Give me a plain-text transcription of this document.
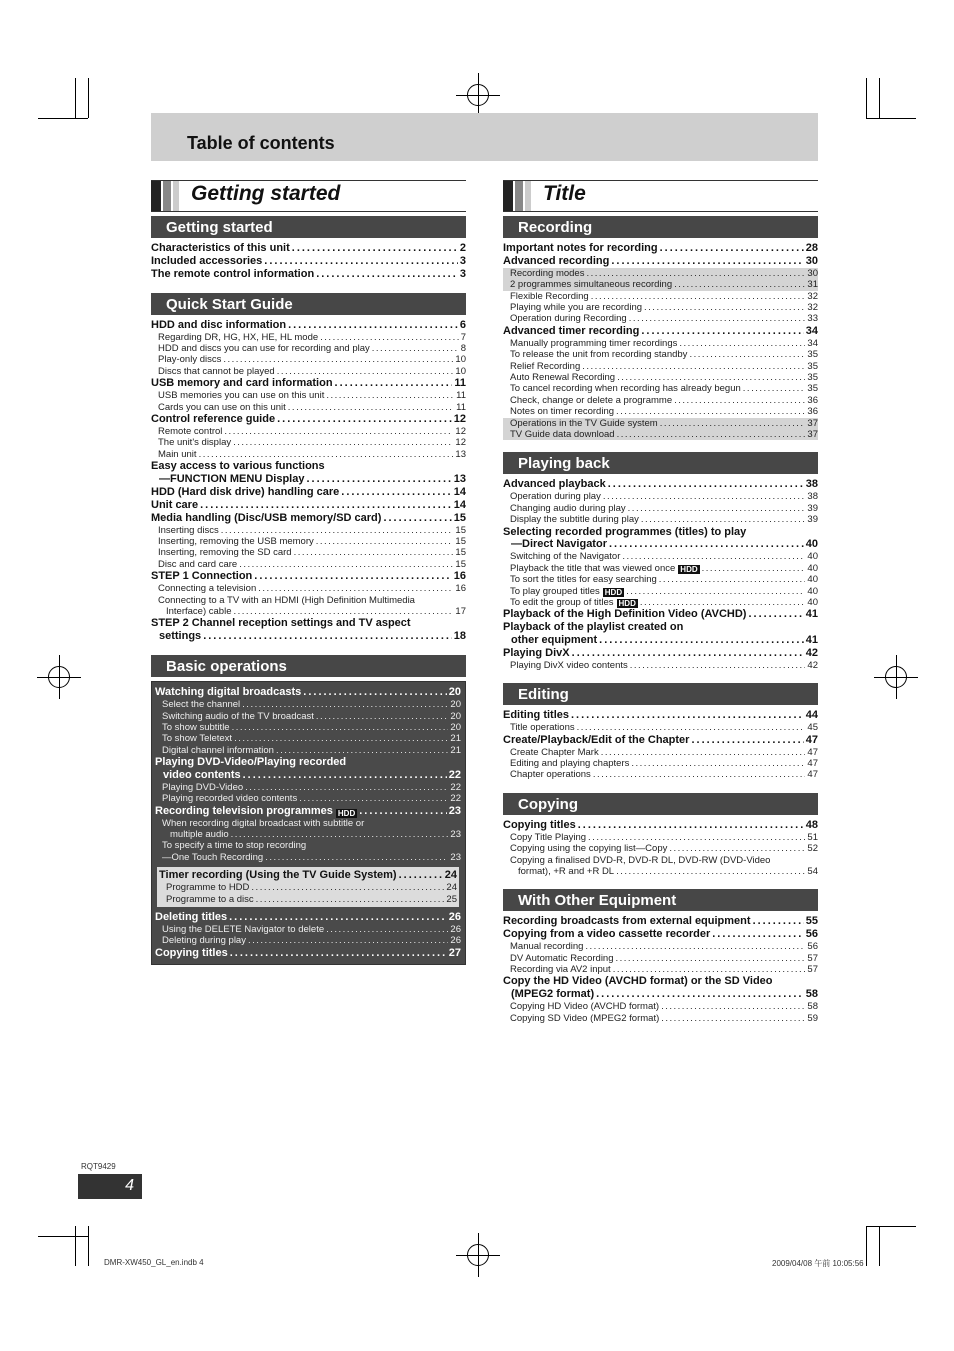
Table of contents
Getting started
Getting started
Characteristics of this unit .....	2
Included accessories .....	3
The remote control information .....	3
Quick Start Guide
HDD and disc information .....	6
Regarding DR, HG, HX, HE, HL mode .....	7
HDD and discs you can use for recording and play .....	8
Play-only discs .....	10
Discs that cannot be played .....	10
USB memory and card information .....	11
USB memories you can use on this unit .....	11
Cards you can use on this unit .....	11
Control reference guide .....	12
Remote control .....	12
The unit's display .....	12
Main unit .....	13
Easy access to various functions
—FUNCTION MENU Display .....	13
HDD (Hard disk drive) handling care .....	14
Unit care .....	14
Media handling (Disc/USB memory/SD card) .....	15
Inserting discs .....	15
Inserting, removing the USB memory .....	15
Inserting, removing the SD card .....	15
Disc and card care .....	15
STEP 1 Connection .....	16
Connecting a television .....	16
Connecting to a TV with an HDMI (High Definition Multimedia
Interface) cable .....	17
STEP 2 Channel reception settings and TV aspect
settings .....	18
Basic operations
Watching digital broadcasts .....	20
Select the channel .....	20
Switching audio of the TV broadcast .....	20
To show subtitle .....	20
To show Teletext .....	21
Digital channel information .....	21
Playing DVD-Video/Playing recorded
video contents .....	22
Playing DVD-Video .....	22
Playing recorded video contents .....	22
Recording television programmes HDD .....	23
When recording digital broadcast with subtitle or
multiple audio .....	23
To specify a time to stop recording
—One Touch Recording .....	23
Timer recording (Using the TV Guide System) .....	24
Programme to HDD .....	24
Programme to a disc .....	25
Deleting titles .....	26
Using the DELETE Navigator to delete .....	26
Deleting during play .....	26
Copying titles .....	27
Title
Recording
Important notes for recording .....	28
Advanced recording .....	30
Recording modes .....	30
2 programmes simultaneous recording .....	31
Flexible Recording .....	32
Playing while you are recording .....	32
Operation during Recording .....	33
Advanced timer recording .....	34
Manually programming timer recordings .....	34
To release the unit from recording standby .....	35
Relief Recording .....	35
Auto Renewal Recording .....	35
To cancel recording when recording has already begun .....	35
Check, change or delete a programme .....	36
Notes on timer recording .....	36
Operations in the TV Guide system .....	37
TV Guide data download .....	37
Playing back
Advanced playback .....	38
Operation during play .....	38
Changing audio during play .....	39
Display the subtitle during play .....	39
Selecting recorded programmes (titles) to play
—Direct Navigator .....	40
Switching of the Navigator .....	40
Playback the title that was viewed once HDD .....	40
To sort the titles for easy searching .....	40
To play grouped titles HDD .....	40
To edit the group of titles HDD .....	40
Playback of the High Definition Video (AVCHD) .....	41
Playback of the playlist created on
other equipment .....	41
Playing DivX .....	42
Playing DivX video contents .....	42
Editing
Editing titles .....	44
Title operations .....	45
Create/Playback/Edit of the Chapter .....	47
Create Chapter Mark .....	47
Editing and playing chapters .....	47
Chapter operations .....	47
Copying
Copying titles .....	48
Copy Title Playing .....	51
Copying using the copying list—Copy .....	52
Copying a finalised DVD-R, DVD-R DL, DVD-RW (DVD-Video
format), +R and +R DL .....	54
With Other Equipment
Recording broadcasts from external equipment .....	55
Copying from a video cassette recorder .....	56
Manual recording .....	56
DV Automatic Recording .....	57
Recording via AV2 input .....	57
Copy the HD Video (AVCHD format) or the SD Video
(MPEG2 format) .....	58
Copying HD Video (AVCHD format) .....	58
Copying SD Video (MPEG2 format) .....	59
RQT9429
4
DMR-XW450_GL_en.indb 4	2009/04/08 午前 10:05:56
